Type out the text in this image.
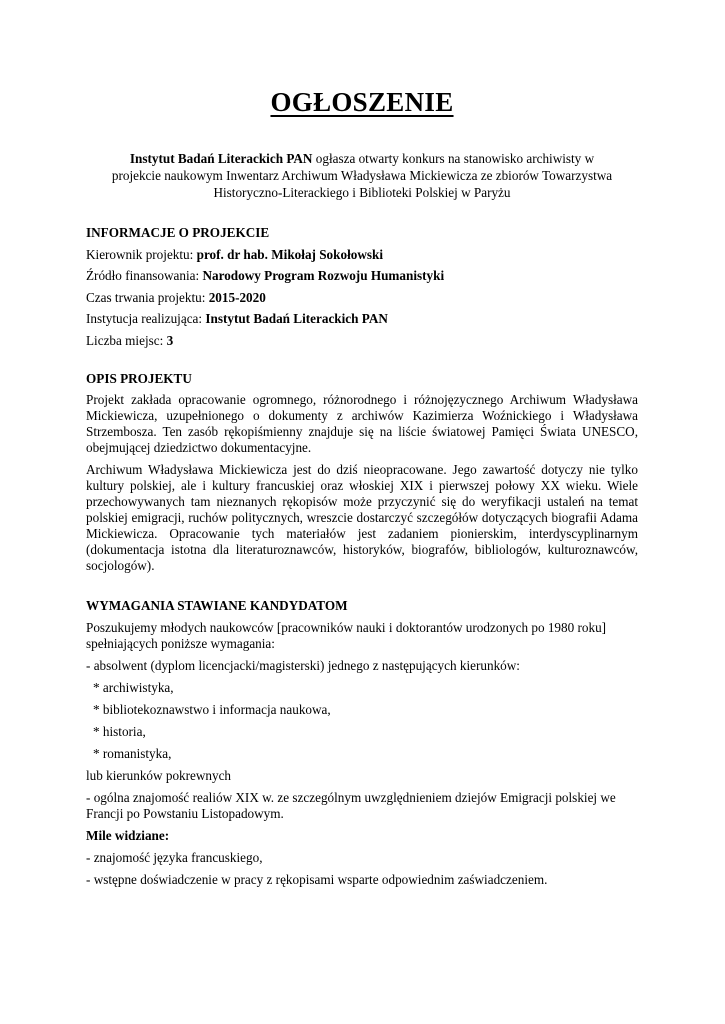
OGŁOSZENIE

Instytut Badań Literackich PAN ogłasza otwarty konkurs na stanowisko archiwisty w projekcie naukowym Inwentarz Archiwum Władysława Mickiewicza ze zbiorów Towarzystwa Historyczno-Literackiego i Biblioteki Polskiej w Paryżu

INFORMACJE O PROJEKCIE

Kierownik projektu: prof. dr hab. Mikołaj Sokołowski

Źródło finansowania: Narodowy Program Rozwoju Humanistyki

Czas trwania projektu: 2015-2020

Instytucja realizująca: Instytut Badań Literackich PAN

Liczba miejsc: 3

OPIS PROJEKTU

Projekt zakłada opracowanie ogromnego, różnorodnego i różnojęzycznego Archiwum Władysława Mickiewicza, uzupełnionego o dokumenty z archiwów Kazimierza Woźnickiego i Władysława Strzembosza. Ten zasób rękopiśmienny znajduje się na liście światowej Pamięci Świata UNESCO, obejmującej dziedzictwo dokumentacyjne.

Archiwum Władysława Mickiewicza jest do dziś nieopracowane. Jego zawartość dotyczy nie tylko kultury polskiej, ale i kultury francuskiej oraz włoskiej XIX i pierwszej połowy XX wieku. Wiele przechowywanych tam nieznanych rękopisów może przyczynić się do weryfikacji ustaleń na temat polskiej emigracji, ruchów politycznych, wreszcie dostarczyć szczegółów dotyczących biografii Adama Mickiewicza. Opracowanie tych materiałów jest zadaniem pionierskim, interdyscyplinarnym (dokumentacja istotna dla literaturoznawców, historyków, biografów, bibliologów, kulturoznawców, socjologów).

WYMAGANIA STAWIANE KANDYDATOM

Poszukujemy młodych naukowców [pracowników nauki i doktorantów urodzonych po 1980 roku] spełniających poniższe wymagania:

- absolwent (dyplom licencjacki/magisterski) jednego z następujących kierunków:

* archiwistyka,

* bibliotekoznawstwo i informacja naukowa,

* historia,

* romanistyka,

lub kierunków pokrewnych

- ogólna znajomość realiów XIX w. ze szczególnym uwzględnieniem dziejów Emigracji polskiej we Francji po Powstaniu Listopadowym.

Mile widziane:

- znajomość języka francuskiego,

- wstępne doświadczenie w pracy z rękopisami wsparte odpowiednim zaświadczeniem.
